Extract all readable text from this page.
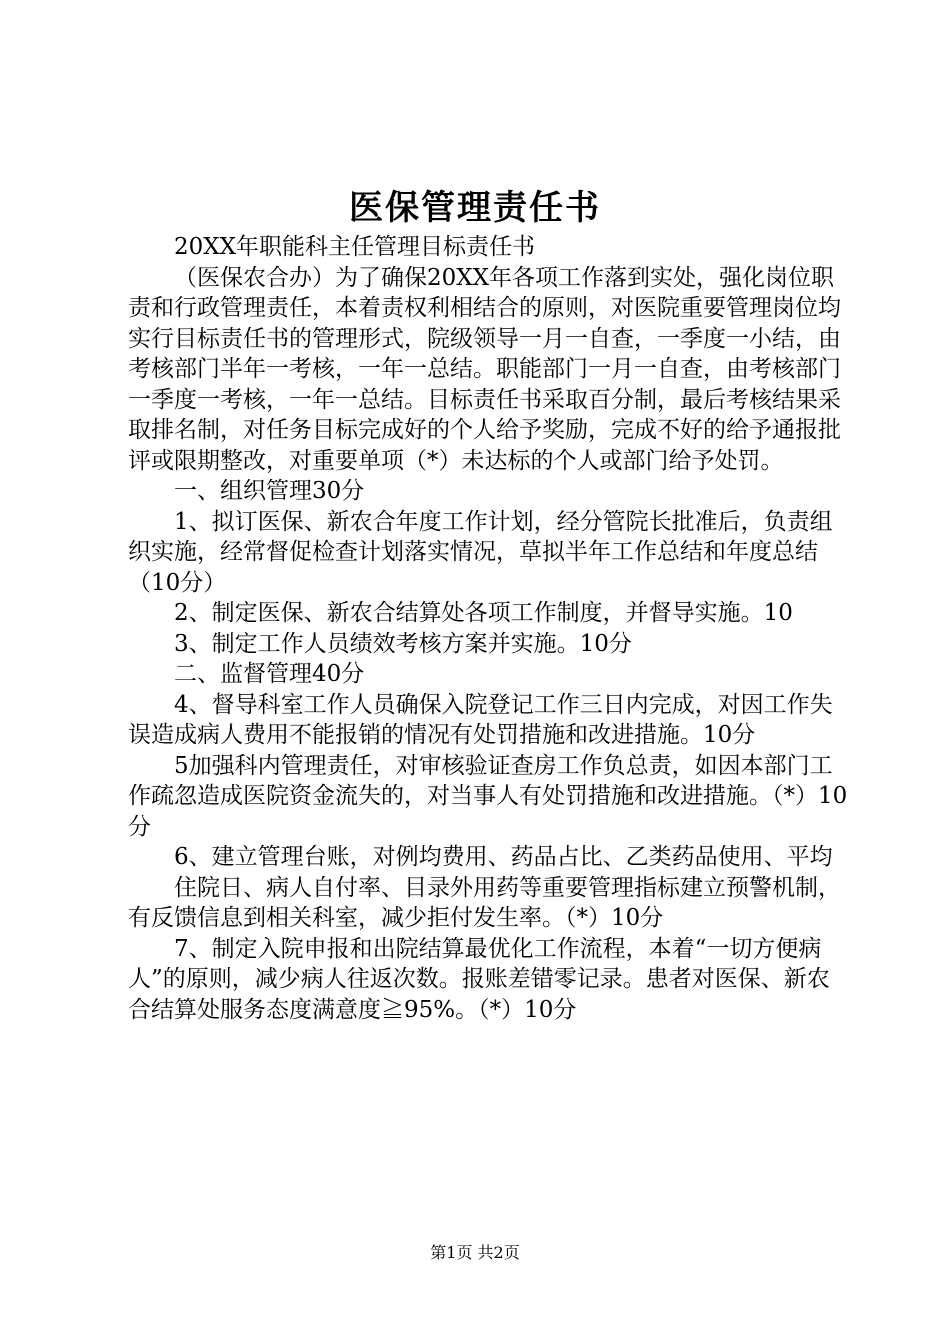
医保管理责任书

20XX年职能科主任管理目标责任书

（医保农合办）为了确保20XX年各项工作落到实处，强化岗位职责和行政管理责任，本着责权利相结合的原则，对医院重要管理岗位均实行目标责任书的管理形式，院级领导一月一自查，一季度一小结，由考核部门半年一考核，一年一总结。职能部门一月一自查，由考核部门一季度一考核，一年一总结。目标责任书采取百分制，最后考核结果采取排名制，对任务目标完成好的个人给予奖励，完成不好的给予通报批评或限期整改，对重要单项（*）未达标的个人或部门给予处罚。

一、组织管理30分

1、拟订医保、新农合年度工作计划，经分管院长批准后，负责组织实施，经常督促检查计划落实情况，草拟半年工作总结和年度总结（10分）

2、制定医保、新农合结算处各项工作制度，并督导实施。10

3、制定工作人员绩效考核方案并实施。10分

二、监督管理40分

4、督导科室工作人员确保入院登记工作三日内完成，对因工作失误造成病人费用不能报销的情况有处罚措施和改进措施。10分

5加强科内管理责任，对审核验证查房工作负总责，如因本部门工作疏忽造成医院资金流失的，对当事人有处罚措施和改进措施。（*）10分

6、建立管理台账，对例均费用、药品占比、乙类药品使用、平均

住院日、病人自付率、目录外用药等重要管理指标建立预警机制，有反馈信息到相关科室，减少拒付发生率。（*）10分

7、制定入院申报和出院结算最优化工作流程，本着“一切方便病人”的原则，减少病人往返次数。报账差错零记录。患者对医保、新农合结算处服务态度满意度≧95%。（*）10分

第1页 共2页
